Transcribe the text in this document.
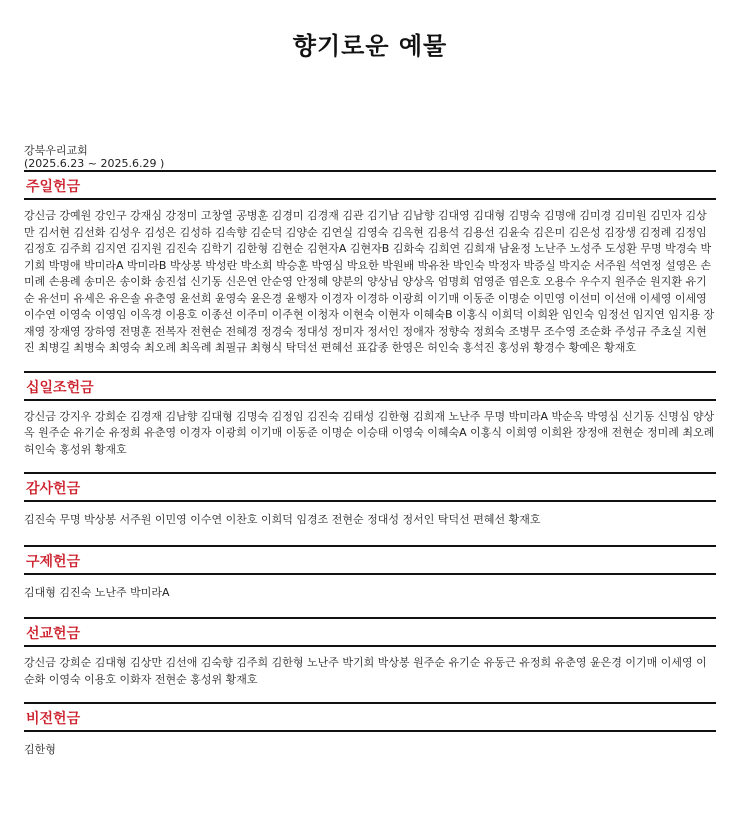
향기로운 예물
강북우리교회
(2025.6.23 ~ 2025.6.29 )
주일헌금
강신금 강예원 강인구 강재심 강정미 고창열 공병훈 김경미 김경재 김관 김기남 김남향 김대영 김대형 김명숙 김명애 김미경 김미원 김민자 김상만 김서현 김선화 김성우 김성은 김성하 김속향 김순덕 김양순 김연실 김영숙 김옥현 김용석 김용선 김윤숙 김은미 김은성 김장생 김정례 김정임 김정호 김주희 김지연 김지원 김진숙 김학기 김한형 김현순 김현자A 김현자B 김화숙 김희연 김희재 남윤정 노난주 노성주 도성환 무명 박경숙 박기희 박명애 박미라A 박미라B 박상봉 박성란 박소희 박승훈 박영심 박요한 박원배 박유찬 박인숙 박정자 박증실 박지순 서주원 석연정 설영은 손미례 손용례 송미은 송이화 송진섭 신기동 신은연 안순영 안정혜 양분의 양상님 양상옥 엄명희 엄영준 염은호 오용수 우수지 원주순 원지환 유기순 유선미 유세은 유은솔 유춘영 윤선희 윤영숙 윤은경 윤행자 이경자 이경하 이광희 이기매 이동준 이명순 이민영 이선미 이선애 이세영 이세영 이수연 이영숙 이영임 이옥경 이용호 이종선 이주미 이주현 이청자 이현숙 이현자 이혜숙B 이홍식 이희덕 이희완 임인숙 임정선 임지연 임지용 장재영 장재영 장하영 전명훈 전복자 전현순 전혜경 정경숙 정대성 정미자 정서인 정애자 정향숙 정희숙 조병무 조수영 조순화 주성규 주초실 지현진 최병길 최병숙 최영숙 최오례 최옥례 최필규 최형식 탁덕선 편혜선 표갑종 한영은 허인숙 홍석진 홍성위 황경수 황예은 황재호
십일조헌금
강신금 강지우 강희순 김경재 김남향 김대형 김명숙 김정임 김진숙 김태성 김한형 김희재 노난주 무명 박미라A 박순옥 박영심 신기동 신명심 양상옥 원주순 유기순 유정희 유춘영 이경자 이광희 이기매 이동준 이명순 이승태 이영숙 이혜숙A 이홍식 이희영 이희완 장정애 전현순 정미례 최오례 허인숙 홍성위 황재호
감사헌금
김진숙 무명 박상봉 서주원 이민영 이수연 이찬호 이희덕 임경조 전현순 정대성 정서인 탁덕선 편혜선 황재호
구제헌금
김대형 김진숙 노난주 박미라A
선교헌금
강신금 강희순 김대형 김상만 김선애 김숙향 김주희 김한형 노난주 박기희 박상봉 원주순 유기순 유동근 유정희 유춘영 윤은경 이기매 이세영 이순화 이영숙 이용호 이화자 전현순 홍성위 황재호
비전헌금
김한형
